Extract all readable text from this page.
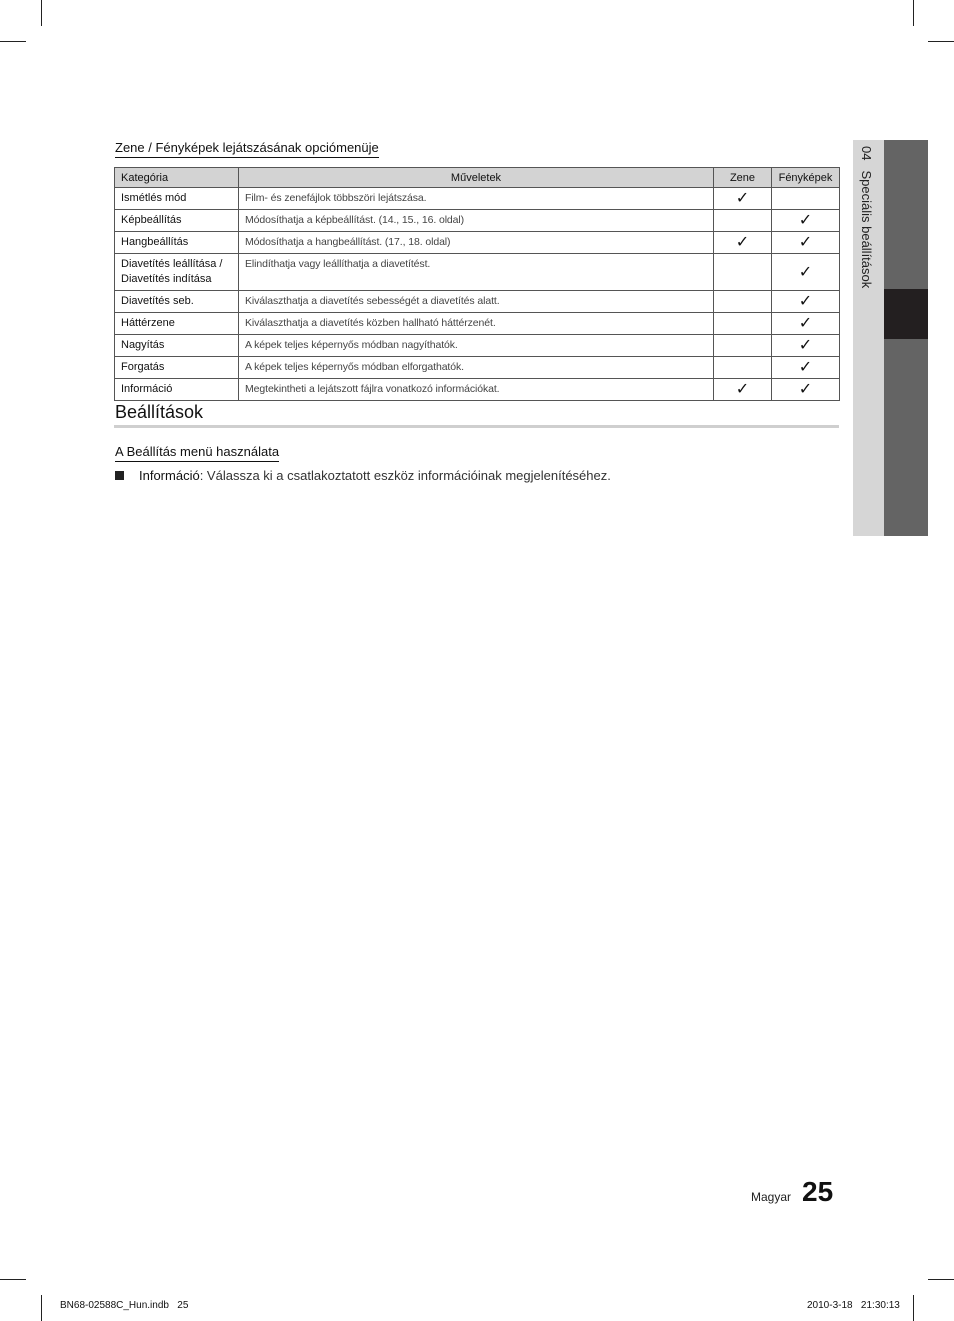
Zene / Fényképek lejátszásának opciómenüje
Kategória	Műveletek	Zene	Fényképek
Ismétlés mód	Film- és zenefájlok többszöri lejátszása.	✓	
Képbeállítás	Módosíthatja a képbeállítást. (14., 15., 16. oldal)		✓
Hangbeállítás	Módosíthatja a hangbeállítást. (17., 18. oldal)	✓	✓
Diavetítés leállítása /
Diavetítés indítása	Elindíthatja vagy leállíthatja a diavetítést.		✓
Diavetítés seb.	Kiválaszthatja a diavetítés sebességét a diavetítés alatt.		✓
Háttérzene	Kiválaszthatja a diavetítés közben hallható háttérzenét.		✓
Nagyítás	A képek teljes képernyős módban nagyíthatók.		✓
Forgatás	A képek teljes képernyős módban elforgathatók.		✓
Információ	Megtekintheti a lejátszott fájlra vonatkozó információkat.	✓	✓
Beállítások
A Beállítás menü használata
Információ: Válassza ki a csatlakoztatott eszköz információinak megjelenítéséhez.
04Speciális beállítások
Magyar 25
BN68-02588C_Hun.indb   25	2010-3-18   21:30:13
